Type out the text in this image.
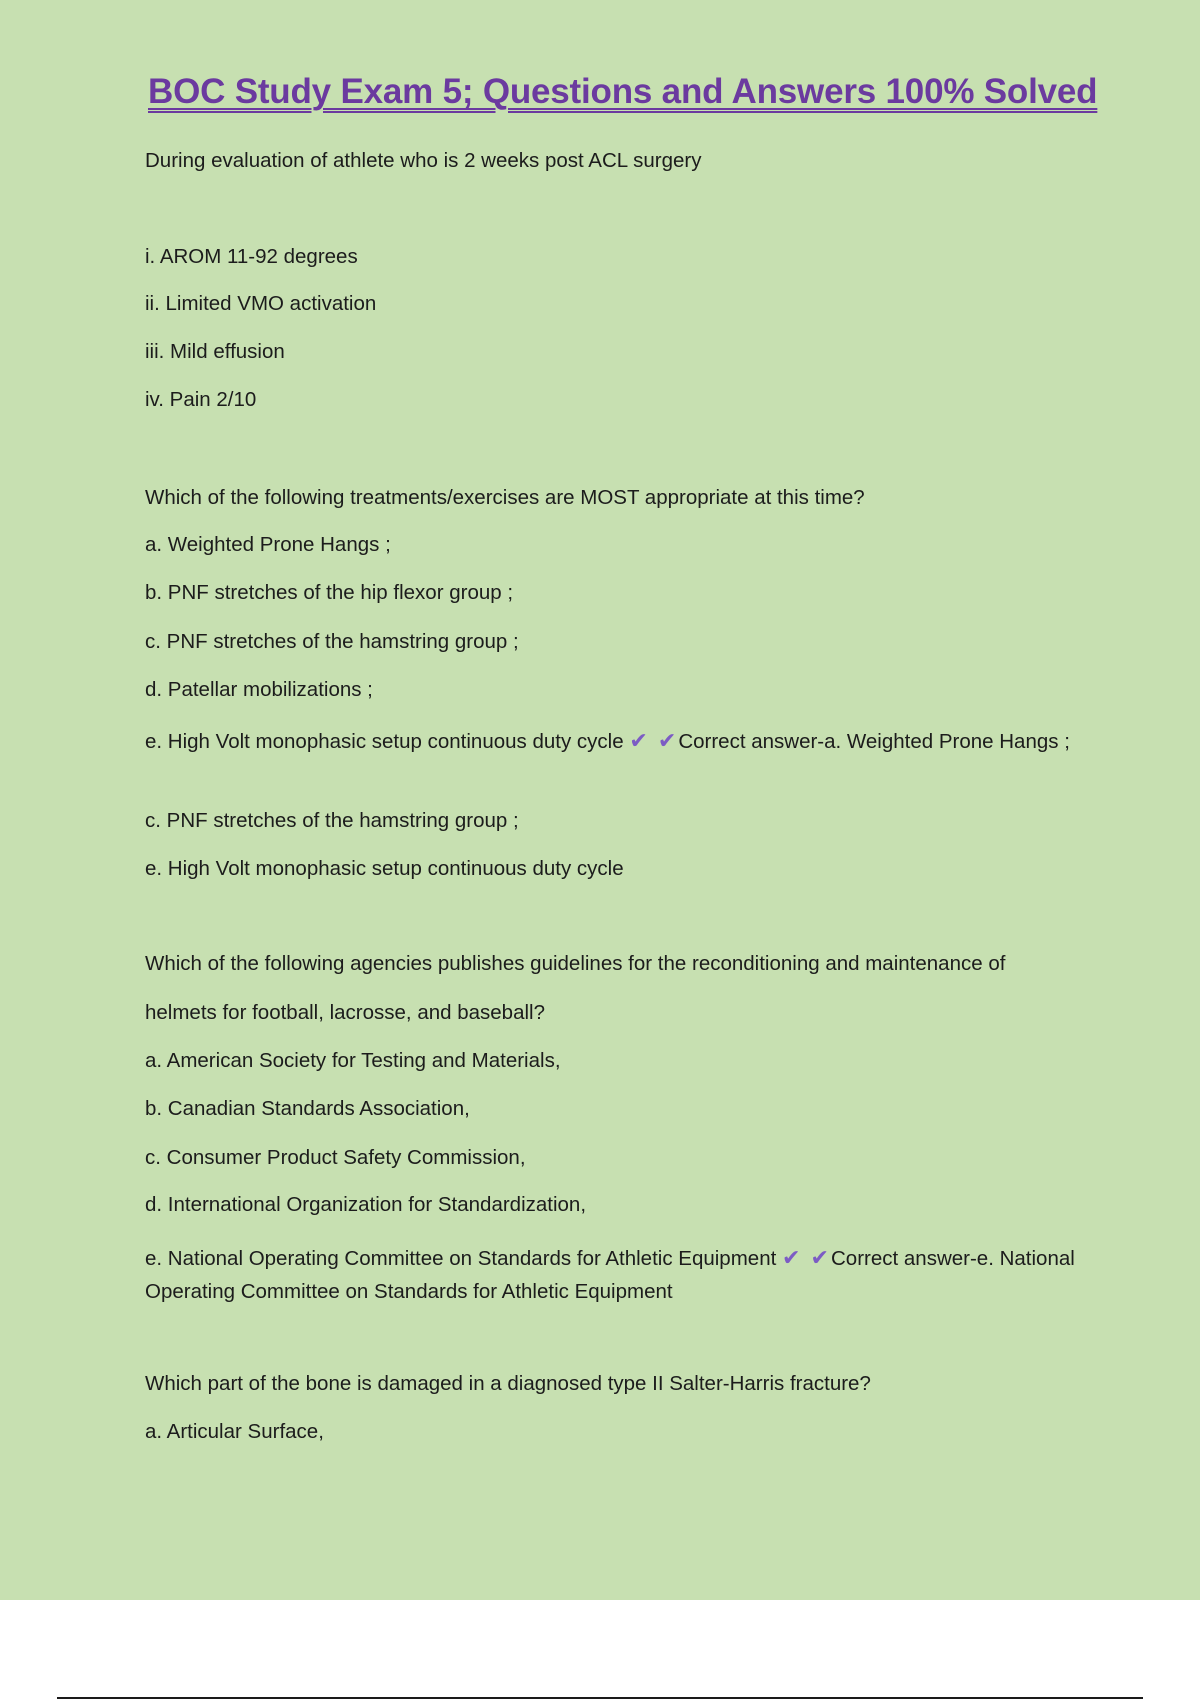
BOC Study Exam 5; Questions and Answers 100% Solved

During evaluation of athlete who is 2 weeks post ACL surgery

i. AROM 11-92 degrees

ii. Limited VMO activation

iii. Mild effusion

iv. Pain 2/10

Which of the following treatments/exercises are MOST appropriate at this time?

a. Weighted Prone Hangs ;

b. PNF stretches of the hip flexor group ;

c. PNF stretches of the hamstring group ;

d. Patellar mobilizations ;

e. High Volt monophasic setup continuous duty cycle ✔ ✔Correct answer-a. Weighted Prone Hangs ;

c. PNF stretches of the hamstring group ;

e. High Volt monophasic setup continuous duty cycle

Which of the following agencies publishes guidelines for the reconditioning and maintenance of

helmets for football, lacrosse, and baseball?

a. American Society for Testing and Materials,

b. Canadian Standards Association,

c. Consumer Product Safety Commission,

d. International Organization for Standardization,

e. National Operating Committee on Standards for Athletic Equipment ✔ ✔Correct answer-e. National Operating Committee on Standards for Athletic Equipment

Which part of the bone is damaged in a diagnosed type II Salter-Harris fracture?

a. Articular Surface,
